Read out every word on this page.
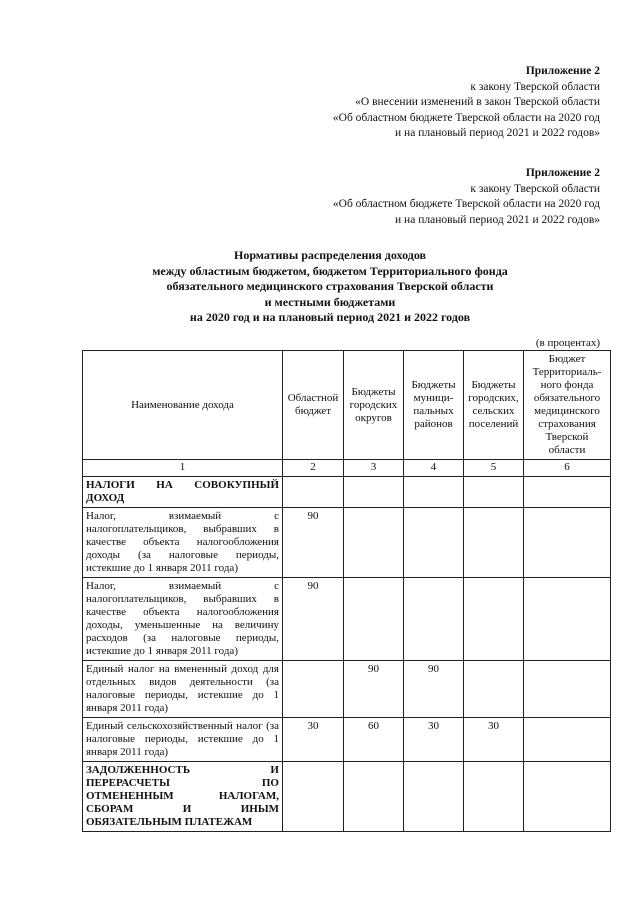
Приложение 2
к закону Тверской области
«О внесении изменений в закон Тверской области
«Об областном бюджете Тверской области на 2020 год
и на плановый период 2021 и 2022 годов»
Приложение 2
к закону Тверской области
«Об областном бюджете Тверской области на 2020 год
и на плановый период 2021 и 2022 годов»
Нормативы распределения доходов
между областным бюджетом, бюджетом Территориального фонда
обязательного медицинского страхования Тверской области
и местными бюджетами
на 2020 год и на плановый период 2021 и 2022 годов
(в процентах)
Наименование дохода	Областной бюджет	Бюджеты городских округов	Бюджеты муници-пальных районов	Бюджеты городских, сельских поселений	Бюджет Территориаль-ного фонда обязательного медицинского страхования Тверской области
1	2	3	4	5	6
НАЛОГИ НА СОВОКУПНЫЙ ДОХОД					
Налог, взимаемый с налогоплательщиков, выбравших в качестве объекта налогообложения доходы (за налоговые периоды, истекшие до 1 января 2011 года)	90				
Налог, взимаемый с налогоплательщиков, выбравших в качестве объекта налогообложения доходы, уменьшенные на величину расходов (за налоговые периоды, истекшие до 1 января 2011 года)	90				
Единый налог на вмененный доход для отдельных видов деятельности (за налоговые периоды, истекшие до 1 января 2011 года)		90	90		
Единый сельскохозяйственный налог (за налоговые периоды, истекшие до 1 января 2011 года)	30	60	30	30	
ЗАДОЛЖЕННОСТЬ И ПЕРЕРАСЧЕТЫ ПО ОТМЕНЕННЫМ НАЛОГАМ, СБОРАМ И ИНЫМ ОБЯЗАТЕЛЬНЫМ ПЛАТЕЖАМ					
